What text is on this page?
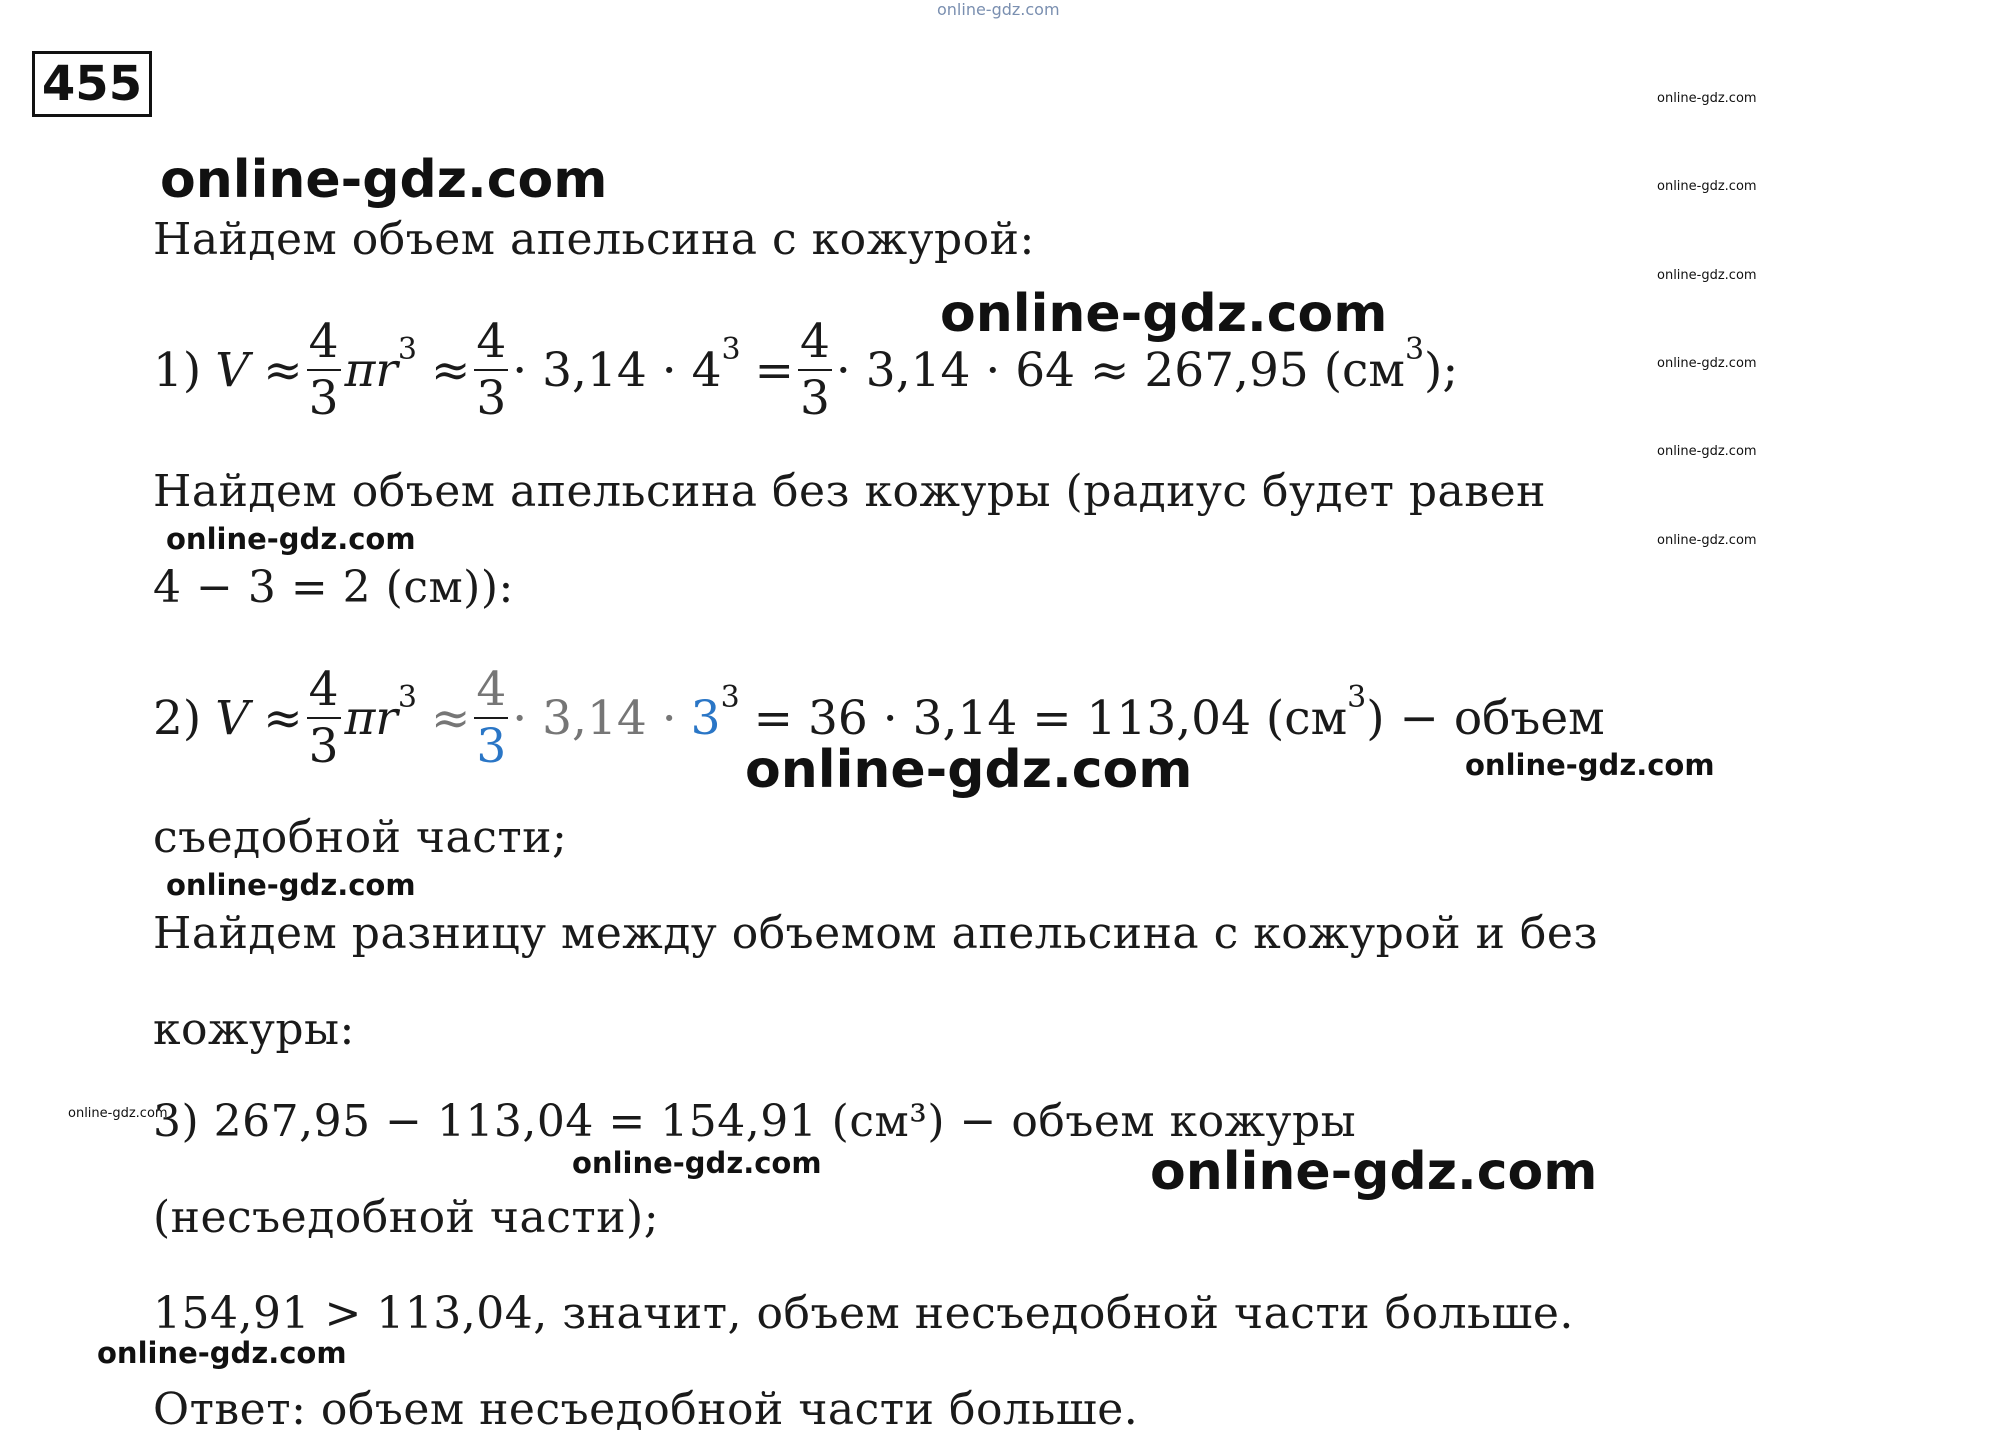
online-gdz.com
455	online-gdz.com
online-gdz.com
online-gdz.com
online-gdz.com
online-gdz.com
online-gdz.com
online-gdz.com
online-gdz.com
online-gdz.com
online-gdz.com
online-gdz.com
online-gdz.com
online-gdz.com
online-gdz.com
online-gdz.com
online-gdz.com
Найдем объем апельсина с кожурой:
1) $V \approx \frac{4}{3}$ πr $3 \approx \frac{4}{3} \cdot 3,14 \cdot 4$ $3 = \frac{4}{3} \cdot 3,14 \cdot 64 \approx 267,95$ (см 3 );
Найдем объем апельсина без кожуры (радиус будет равен
4 − 3 = 2 (см)):
2) $V \approx \frac{4}{3}$ πr $3 \approx \frac{4}{3} \cdot 3,14 \cdot 3$ 3 = 36 · 3,14 = 113,04 (см 3 ) − объем
съедобной части;
Найдем разницу между объемом апельсина с кожурой и без
кожуры:
3) 267,95 − 113,04 = 154,91 (см³) − объем кожуры
(несъедобной части);
154,91 > 113,04, значит, объем несъедобной части больше.
Ответ: объем несъедобной части больше.
